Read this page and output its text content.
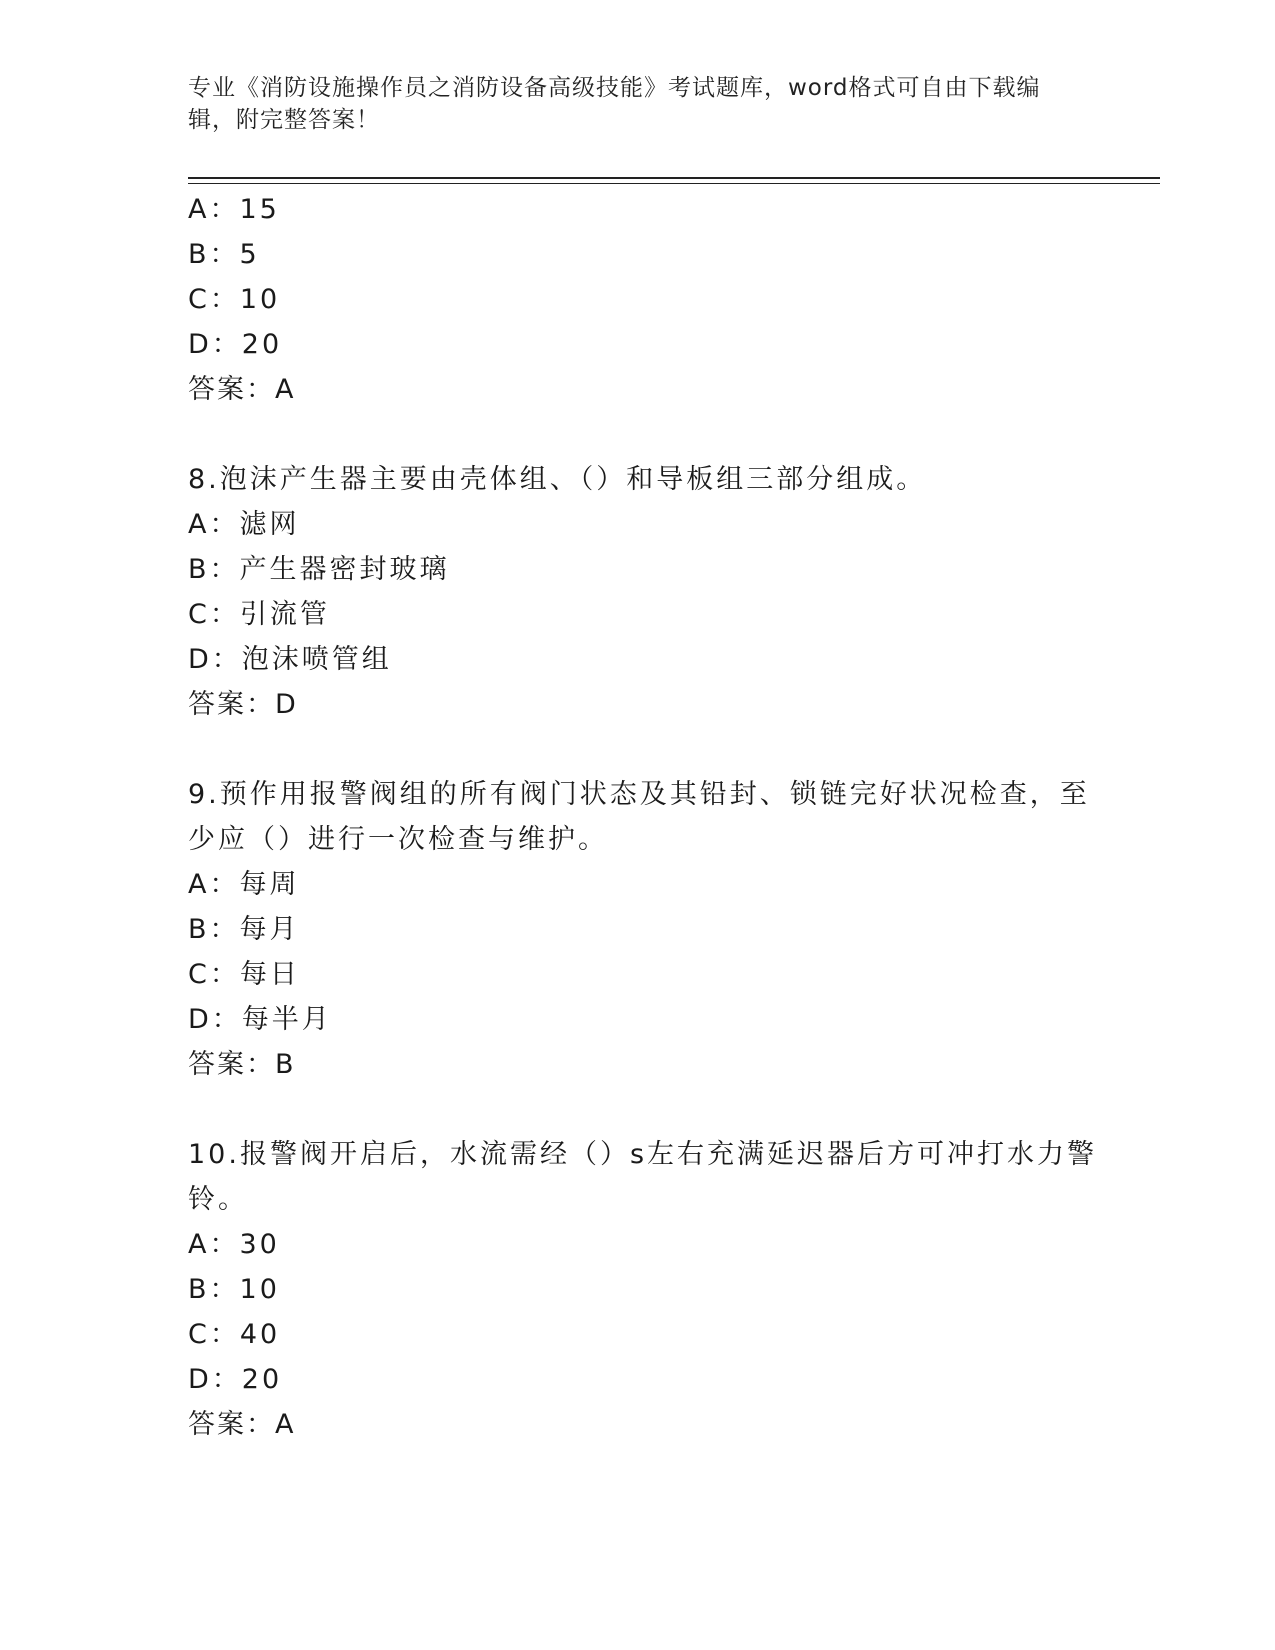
专业《消防设施操作员之消防设备高级技能》考试题库，word格式可自由下载编
辑，附完整答案！
A：15
B：5
C：10
D：20
答案：A
8.泡沫产生器主要由壳体组、（）和导板组三部分组成。
A：滤网
B：产生器密封玻璃
C：引流管
D：泡沫喷管组
答案：D
9.预作用报警阀组的所有阀门状态及其铅封、锁链完好状况检查，至
少应（）进行一次检查与维护。
A：每周
B：每月
C：每日
D：每半月
答案：B
10.报警阀开启后，水流需经（）s左右充满延迟器后方可冲打水力警
铃。
A：30
B：10
C：40
D：20
答案：A
